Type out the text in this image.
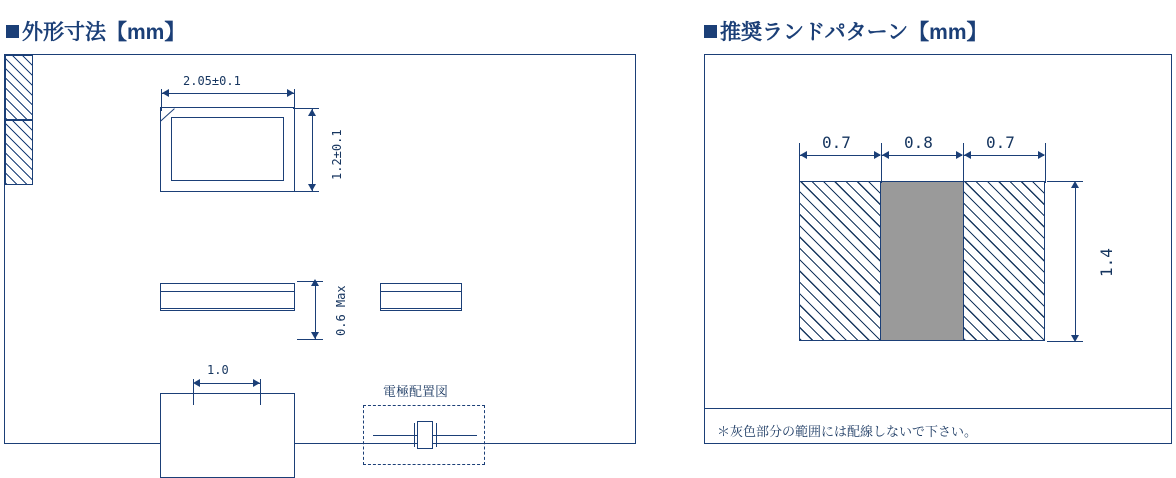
外形寸法【mm】	推奨ランドパターン【mm】
2.05±0.1
1.2±0.1
0.6 Max
1.0
電極配置図
0.7	0.8	0.7
1.4
＊灰色部分の範囲には配線しないで下さい。
